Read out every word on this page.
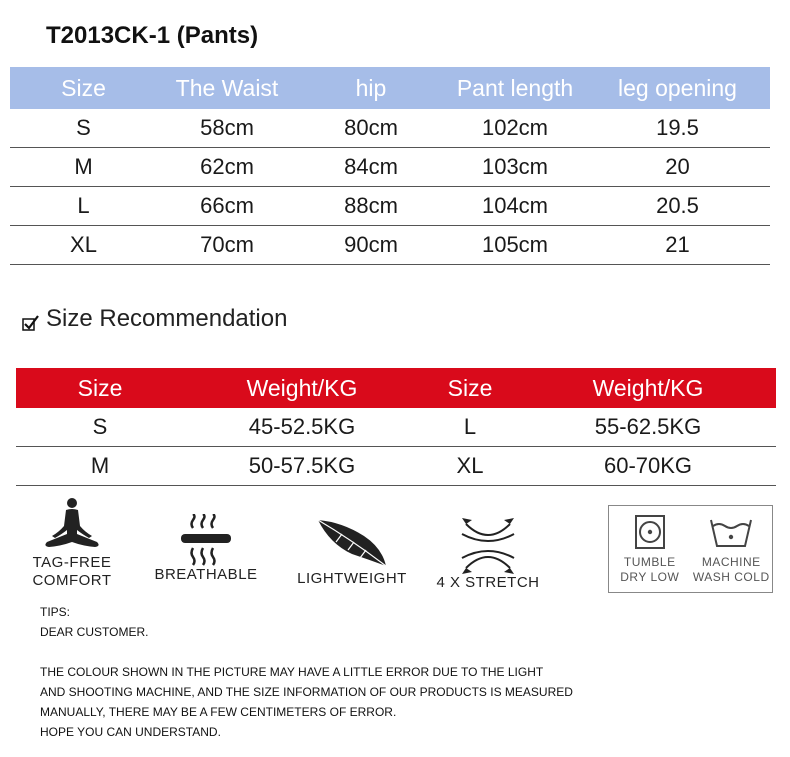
T2013CK-1 (Pants)
Size	The Waist	hip	Pant length	leg opening
S	58cm	80cm	102cm	19.5
M	62cm	84cm	103cm	20
L	66cm	88cm	104cm	20.5
XL	70cm	90cm	105cm	21
Size Recommendation
Size	Weight/KG	Size	Weight/KG
S	45-52.5KG	L	55-62.5KG
M	50-57.5KG	XL	60-70KG
TAG-FREE
COMFORT	BREATHABLE	LIGHTWEIGHT	4 X STRETCH
TUMBLE
DRY LOW
MACHINE
WASH COLD
TIPS:
DEAR CUSTOMER.
THE COLOUR SHOWN IN THE PICTURE MAY HAVE A LITTLE ERROR DUE TO THE LIGHT
AND SHOOTING MACHINE, AND THE SIZE INFORMATION OF OUR PRODUCTS IS MEASURED
MANUALLY, THERE MAY BE A FEW CENTIMETERS OF ERROR.
HOPE YOU CAN UNDERSTAND.
